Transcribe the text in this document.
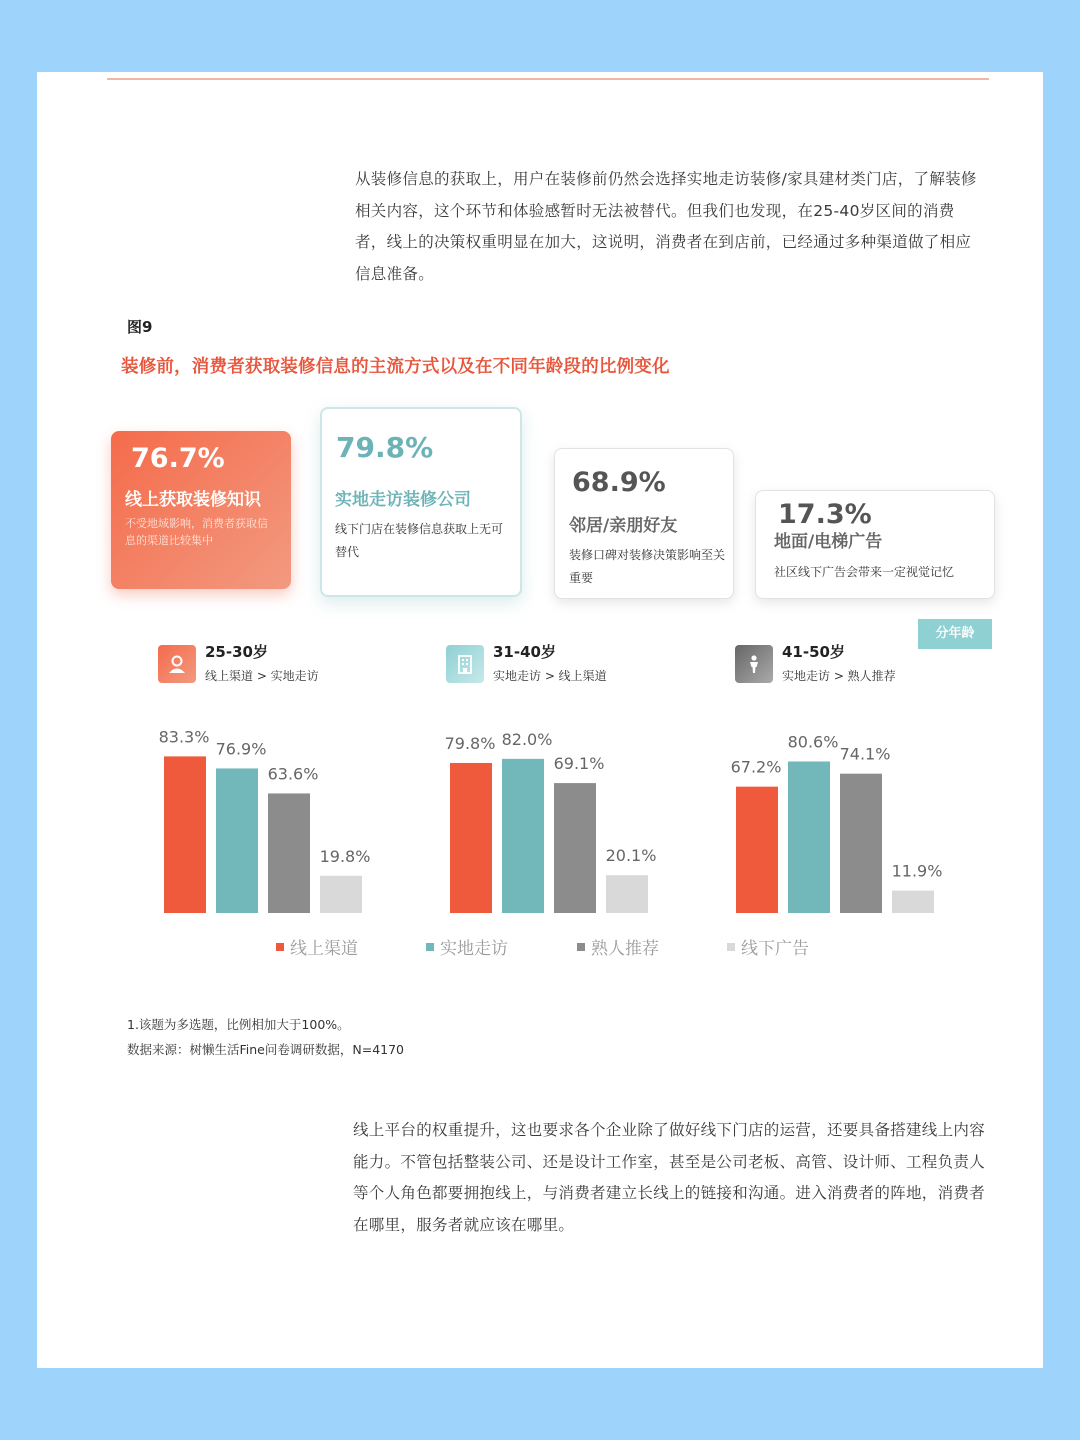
从装修信息的获取上，用户在装修前仍然会选择实地走访装修/家具建材类门店，了解装修相关内容，这个环节和体验感暂时无法被替代。但我们也发现，在25-40岁区间的消费者，线上的决策权重明显在加大，这说明，消费者在到店前，已经通过多种渠道做了相应信息准备。
图9
装修前，消费者获取装修信息的主流方式以及在不同年龄段的比例变化
76.7%
线上获取装修知识
不受地域影响，消费者获取信息的渠道比较集中
79.8%
实地走访装修公司
线下门店在装修信息获取上无可替代
68.9%
邻居/亲朋好友
装修口碑对装修决策影响至关重要
17.3%
地面/电梯广告
社区线下广告会带来一定视觉记忆
分年龄
25-30岁
线上渠道 > 实地走访
31-40岁
实地走访 > 线上渠道
41-50岁
实地走访 > 熟人推荐
83.3%
76.9%
63.6%
19.8%
79.8% 82.0%
69.1%
20.1%
67.2%
80.6%
74.1%
11.9%
线上渠道	实地走访	熟人推荐	线下广告
1.该题为多选题，比例相加大于100%。
数据来源：树懒生活Fine问卷调研数据，N=4170
线上平台的权重提升，这也要求各个企业除了做好线下门店的运营，还要具备搭建线上内容能力。不管包括整装公司、还是设计工作室，甚至是公司老板、高管、设计师、工程负责人等个人角色都要拥抱线上，与消费者建立长线上的链接和沟通。进入消费者的阵地，消费者在哪里，服务者就应该在哪里。
